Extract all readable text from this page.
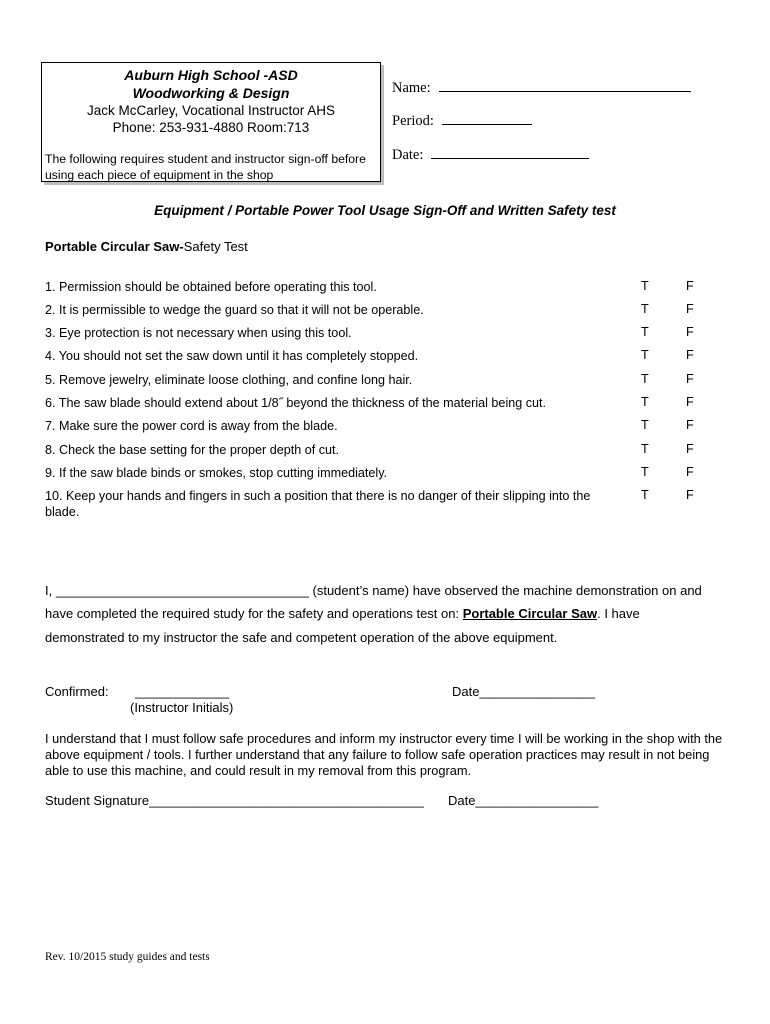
Auburn High School -ASD
Woodworking & Design
Jack McCarley, Vocational Instructor AHS
Phone: 253-931-4880 Room:713
The following requires student and instructor sign-off before using each piece of equipment in the shop
Name:
Period:
Date:
Equipment / Portable Power Tool Usage Sign-Off and Written Safety test
Portable Circular Saw-Safety Test
1. Permission should be obtained before operating this tool.	T	F
2. It is permissible to wedge the guard so that it will not be operable.	T	F
3. Eye protection is not necessary when using this tool.	T	F
4. You should not set the saw down until it has completely stopped.	T	F
5. Remove jewelry, eliminate loose clothing, and confine long hair.	T	F
6. The saw blade should extend about 1/8˝ beyond the thickness of the material being cut.	T	F
7. Make sure the power cord is away from the blade.	T	F
8. Check the base setting for the proper depth of cut.	T	F
9. If the saw blade binds or smokes, stop cutting immediately.	T	F
10. Keep your hands and fingers in such a position that there is no danger of their slipping into the blade.
T	F
I, ___________________________________ (student’s name) have observed the machine demonstration on and
have completed the required study for the safety and operations test on: Portable Circular Saw. I have
demonstrated to my instructor the safe and competent operation of the above equipment.
Confirmed: _____________
(Instructor Initials)
Date________________
I understand that I must follow safe procedures and inform my instructor every time I will be working in the shop with the above equipment / tools. I further understand that any failure to follow safe operation practices may result in not being able to use this machine, and could result in my removal from this program.
Student Signature______________________________________ Date_________________
Rev. 10/2015 study guides and tests
